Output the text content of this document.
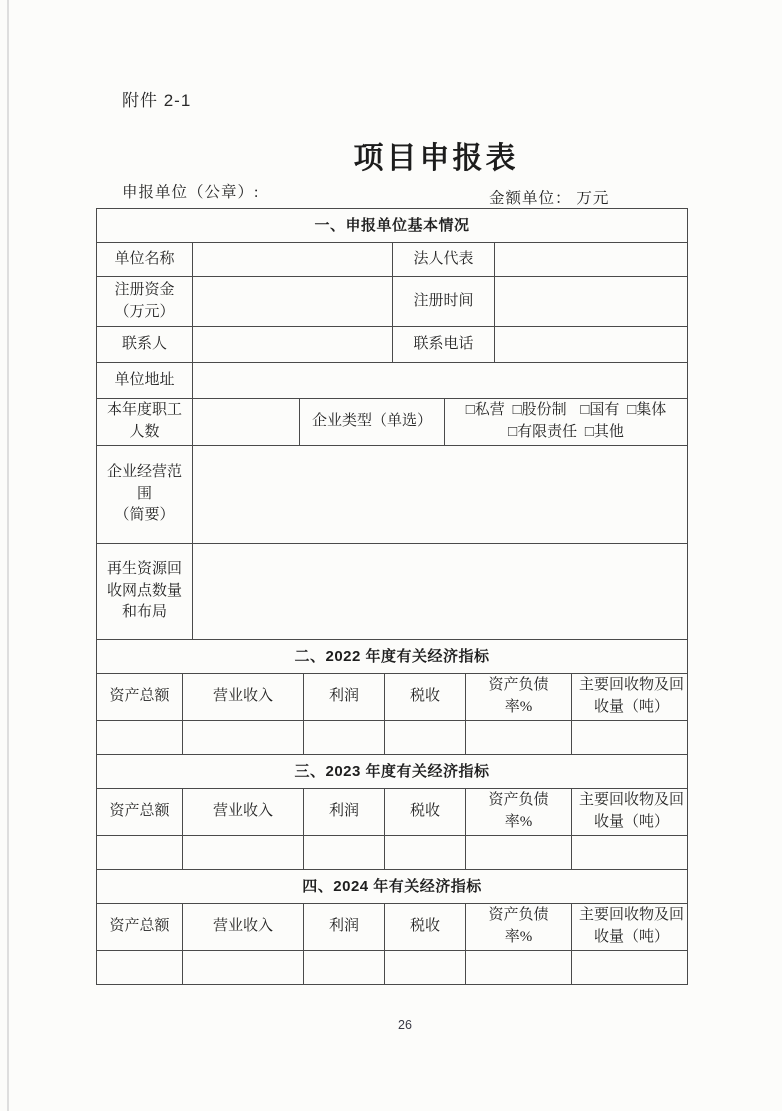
附件 2-1
项目申报表
申报单位（公章）:	金额单位： 万元
一、申报单位基本情况			
单位名称		法人代表	
注册资金（万元）		注册时间	
联系人		联系电话	
单位地址			
本年度职工人数		企业类型（单选）	
□私营 □股份制 □国有 □集体
□有限责任 □其他
企业经营范围
（简要）	

再生资源回收网点数量和布局	
二、2022 年度有关经济指标					
资产总额	营业收入	利润	税收	资产负债率%	主要回收物及回收量（吨）

三、2023 年度有关经济指标					
资产总额	营业收入	利润	税收	资产负债率%	主要回收物及回收量（吨）

四、2024 年有关经济指标					
资产总额	营业收入	利润	税收	资产负债率%	主要回收物及回收量（吨）

26
